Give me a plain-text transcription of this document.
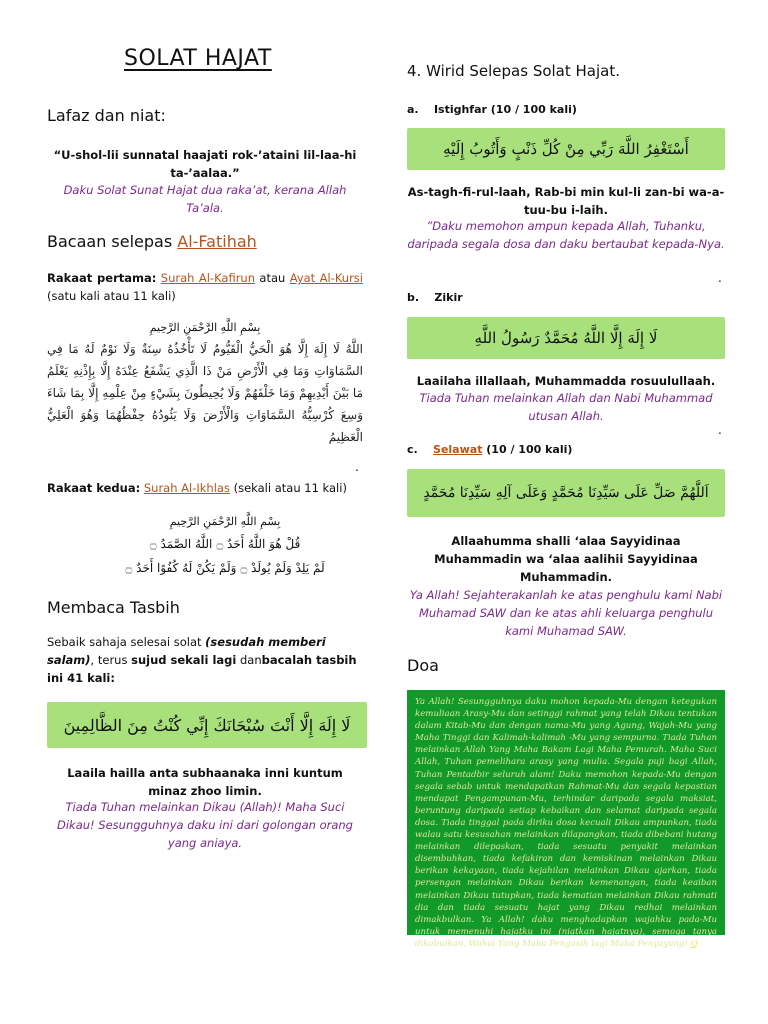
SOLAT HAJAT
Lafaz dan niat:
“U-shol-lii sunnatal haajati rok-’ataini lil-laa-hi ta-’aalaa.”
Daku Solat Sunat Hajat dua raka’at, kerana Allah Ta’ala.
Bacaan selepas Al-Fatihah
Rakaat pertama: Surah Al-Kafirun atau Ayat Al-Kursi (satu kali atau 11 kali)
بِسْمِ اللَّهِ الرَّحْمَنِ الرَّحِيمِ
اللَّهُ لَا إِلَهَ إِلَّا هُوَ الْحَيُّ الْقَيُّومُ لَا تَأْخُذُهُ سِنَةٌ وَلَا نَوْمٌ لَهُ مَا فِي السَّمَاوَاتِ وَمَا فِي الْأَرْضِ مَنْ ذَا الَّذِي يَشْفَعُ عِنْدَهُ إِلَّا بِإِذْنِهِ يَعْلَمُ مَا بَيْنَ أَيْدِيهِمْ وَمَا خَلْفَهُمْ وَلَا يُحِيطُونَ بِشَيْءٍ مِنْ عِلْمِهِ إِلَّا بِمَا شَاءَ وَسِعَ كُرْسِيُّهُ السَّمَاوَاتِ وَالْأَرْضَ وَلَا يَئُودُهُ حِفْظُهُمَا وَهُوَ الْعَلِيُّ الْعَظِيمُ
.
Rakaat kedua: Surah Al-Ikhlas (sekali atau 11 kali)
بِسْمِ اللَّهِ الرَّحْمَنِ الرَّحِيمِ
قُلْ هُوَ اللَّهُ أَحَدٌ ۝ اللَّهُ الصَّمَدُ ۝
لَمْ يَلِدْ وَلَمْ يُولَدْ ۝ وَلَمْ يَكُنْ لَهُ كُفُوًا أَحَدٌ ۝
Membaca Tasbih
Sebaik sahaja selesai solat (sesudah memberi salam), terus sujud sekali lagi danbacalah tasbih ini 41 kali:
لَا إِلَهَ إِلَّا أَنْتَ سُبْحَانَكَ إِنِّي كُنْتُ مِنَ الظَّالِمِينَ
Laaila hailla anta subhaanaka inni kuntum minaz zhoo limin.
Tiada Tuhan melainkan Dikau (Allah)! Maha Suci Dikau! Sesungguhnya daku ini dari golongan orang yang aniaya.
4. Wirid Selepas Solat Hajat.
a. Istighfar (10 / 100 kali)
أَسْتَغْفِرُ اللَّهَ رَبِّي مِنْ كُلِّ ذَنْبٍ وَأَتُوبُ إِلَيْهِ
As-tagh-fi-rul-laah, Rab-bi min kul-li zan-bi wa-a-tuu-bu i-laih.
”Daku memohon ampun kepada Allah, Tuhanku, daripada segala dosa dan daku bertaubat kepada-Nya.
.
b. Zikir
لَا إِلَهَ إِلَّا اللَّهُ مُحَمَّدٌ رَسُولُ اللَّهِ
Laailaha illallaah, Muhammadda rosuulullaah.
Tiada Tuhan melainkan Allah dan Nabi Muhammad utusan Allah.
.
c. Selawat (10 / 100 kali)
اَللَّهُمَّ صَلِّ عَلَى سَيِّدِنَا مُحَمَّدٍ وَعَلَى آلِهِ سَيِّدِنَا مُحَمَّدٍ
Allaahumma shalli ‘alaa Sayyidinaa Muhammadin wa ‘alaa aalihii Sayyidinaa Muhammadin.
Ya Allah! Sejahterakanlah ke atas penghulu kami Nabi Muhamad SAW dan ke atas ahli keluarga penghulu kami Muhamad SAW.
Doa
Ya Allah! Sesungguhnya daku mohon kepada-Mu dengan ketegukan kemuliaan Arasy-Mu dan setinggi rahmat yang telah Dikau tentukan dalam Kitab-Mu dan dengan nama-Mu yang Agung, Wajah-Mu yang Maha Tinggi dan Kalimah-kalimah -Mu yang sempurna. Tiada Tuhan melainkan Allah Yang Maha Bakam Lagi Maha Pemurah. Maha Suci Allah, Tuhan pemelihara arasy yang mulia. Segala puji bagi Allah, Tuhan Pentadbir seluruh alam! Daku memohon kepada-Mu dengan segala sebab untuk mendapatkan Rahmat-Mu dan segala kepastian mendapat Pengampunan-Mu, terhindar daripada segala maksiat, beruntung daripada setiap kebaikan dan selamat daripada segala dosa. Tiada tinggal pada diriku dosa kecuali Dikau ampunkan, tiada walau satu kesusahan melainkan dilapangkan, tiada dibebani hutang melainkan dilepaskan, tiada sesuatu penyakit melainkan disembuhkan, tiada kefakiran dan kemiskinan melainkan Dikau berikan kekayaan, tiada kejahilan melainkan Dikau ajarkan, tiada persengan melainkan Dikau berikan kemenangan, tiada keaiban melainkan Dikau tutupkan, tiada kematian melainkan Dikau rahmati dia dan tiada sesuatu hajat yang Dikau redhai melainkan dimakbulkan. Ya Allah! daku menghadapkan wajahku pada-Mu untuk memenuhi hajatku ini (niatkan hajatnya), semoga tanya dikabulkan, Wahai Yang Maha Pengasih lagi Maha Penyayang! Q
